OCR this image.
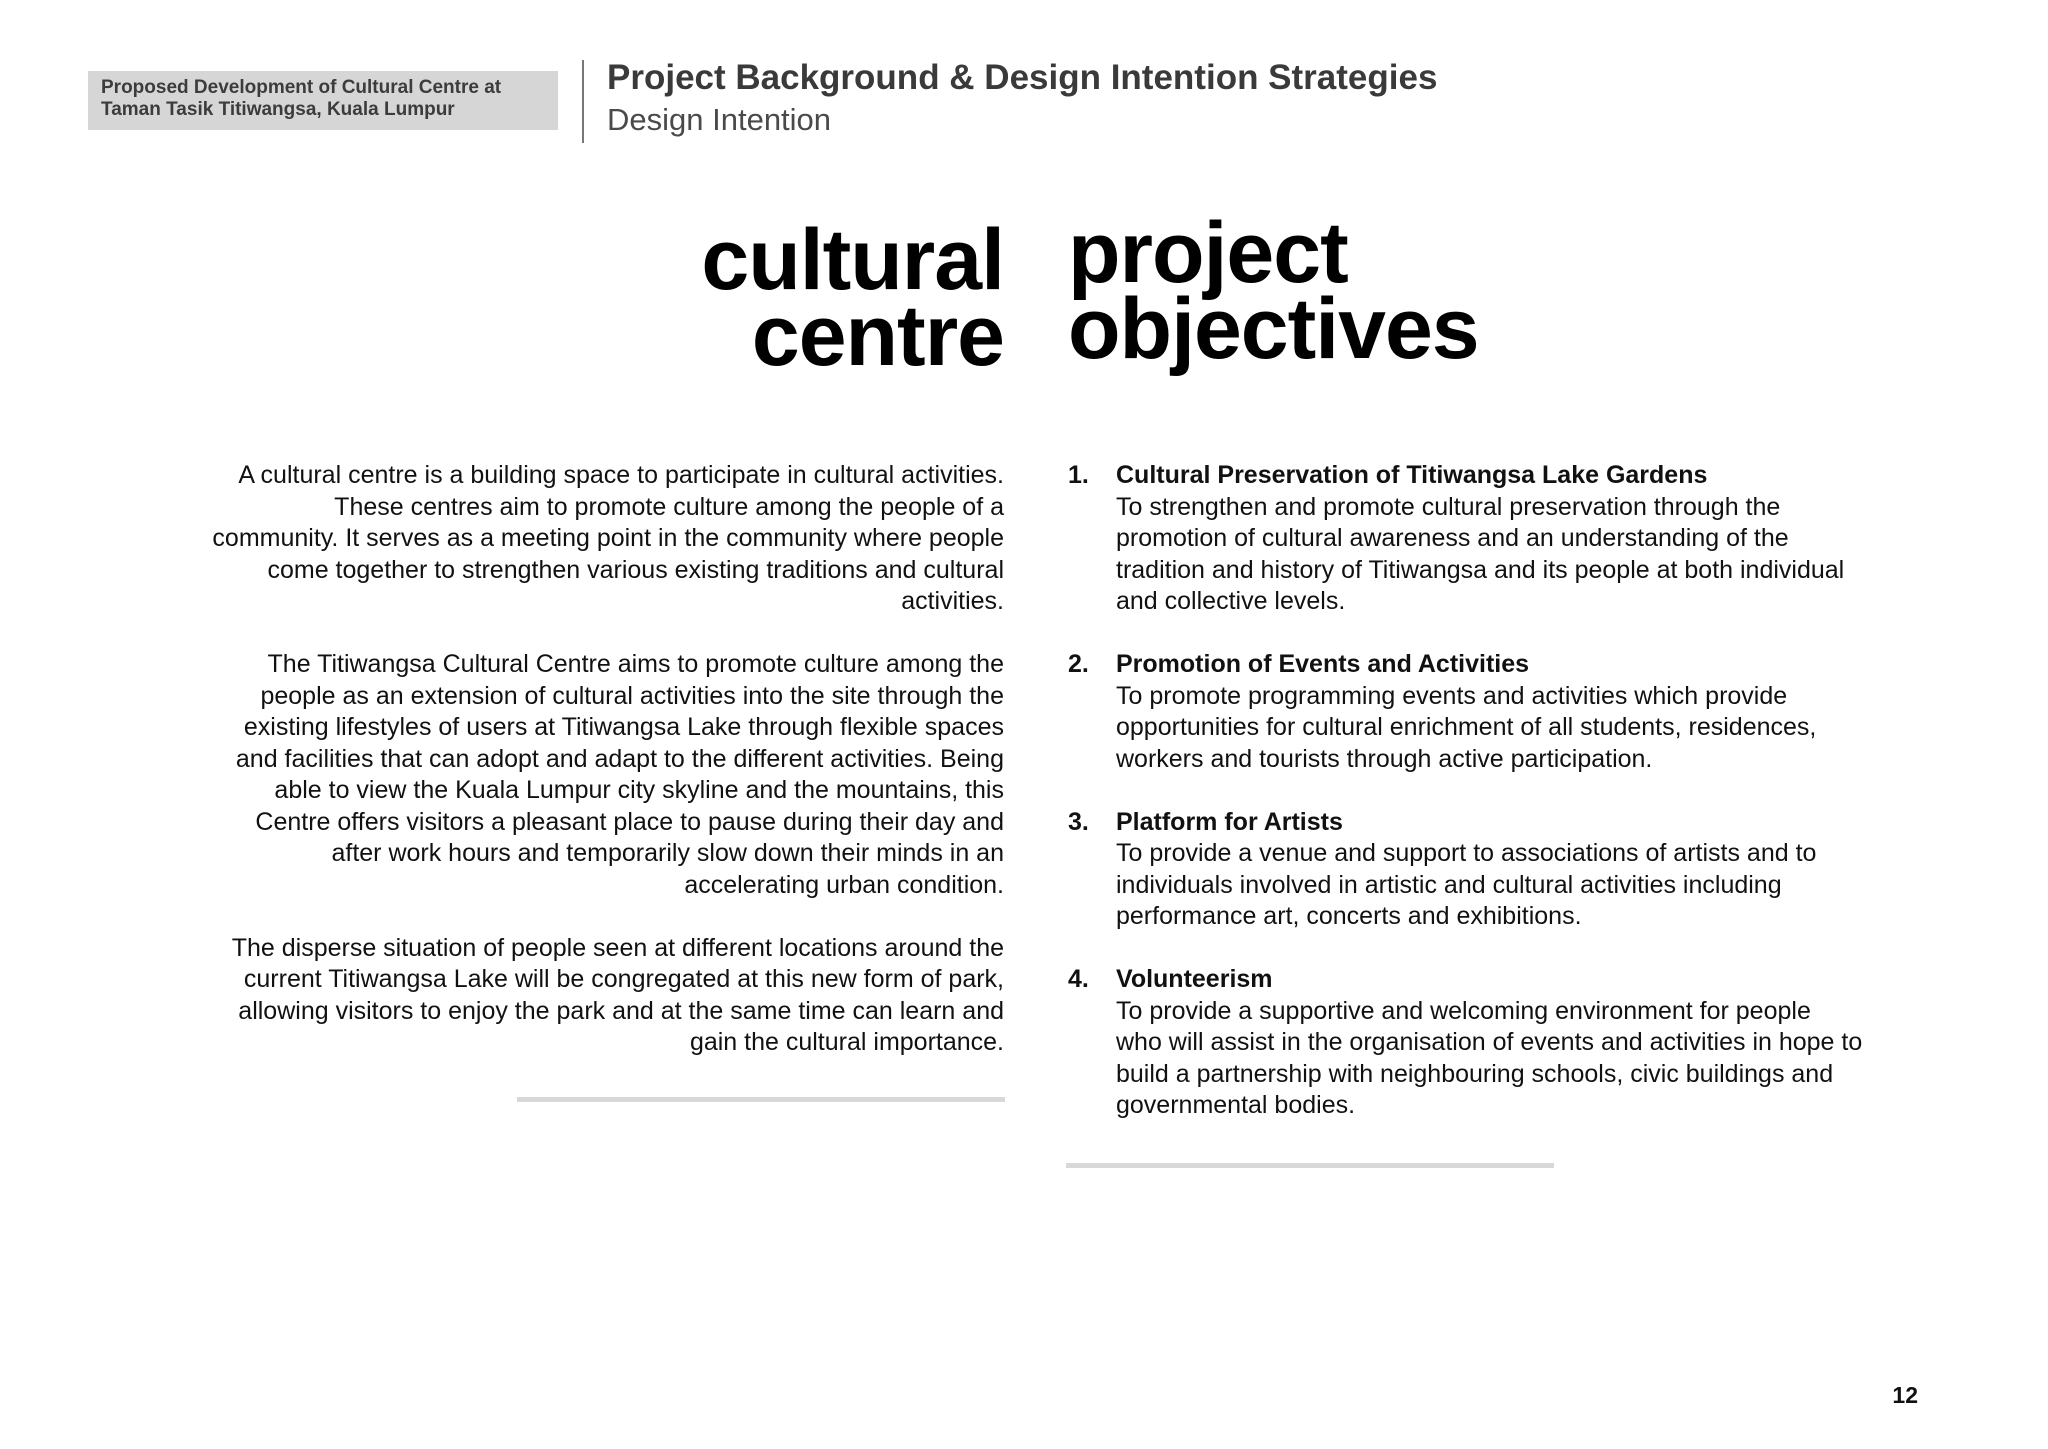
Proposed Development of Cultural Centre at
Taman Tasik Titiwangsa, Kuala Lumpur
Project Background & Design Intention Strategies
Design Intention
cultural
centre
project
objectives
A cultural centre is a building space to participate in cultural activities.
These centres aim to promote culture among the people of a
community. It serves as a meeting point in the community where people
come together to strengthen various existing traditions and cultural
activities.
The Titiwangsa Cultural Centre aims to promote culture among the
people as an extension of cultural activities into the site through the
existing lifestyles of users at Titiwangsa Lake through flexible spaces
and facilities that can adopt and adapt to the different activities. Being
able to view the Kuala Lumpur city skyline and the mountains, this
Centre offers visitors a pleasant place to pause during their day and
after work hours and temporarily slow down their minds in an
accelerating urban condition.
The disperse situation of people seen at different locations around the
current Titiwangsa Lake will be congregated at this new form of park,
allowing visitors to enjoy the park and at the same time can learn and
gain the cultural importance.
1. Cultural Preservation of Titiwangsa Lake Gardens
To strengthen and promote cultural preservation through the
promotion of cultural awareness and an understanding of the
tradition and history of Titiwangsa and its people at both individual
and collective levels.
2. Promotion of Events and Activities
To promote programming events and activities which provide
opportunities for cultural enrichment of all students, residences,
workers and tourists through active participation.
3. Platform for Artists
To provide a venue and support to associations of artists and to
individuals involved in artistic and cultural activities including
performance art, concerts and exhibitions.
4. Volunteerism
To provide a supportive and welcoming environment for people
who will assist in the organisation of events and activities in hope to
build a partnership with neighbouring schools, civic buildings and
governmental bodies.
12
